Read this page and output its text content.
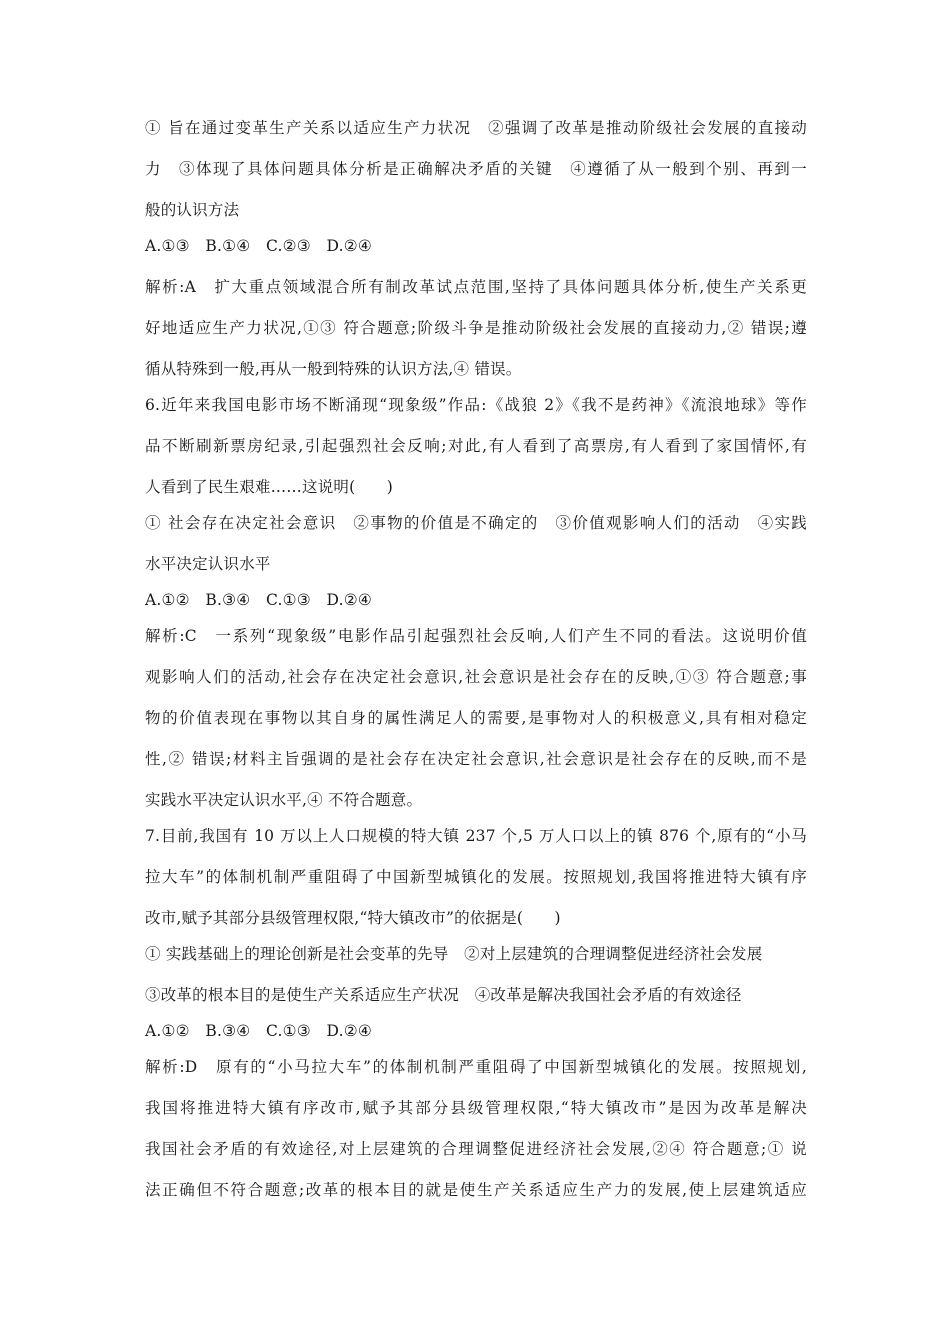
① 旨在通过变革生产关系以适应生产力状况　②强调了改革是推动阶级社会发展的直接动
力　③体现了具体问题具体分析是正确解决矛盾的关键　④遵循了从一般到个别、再到一
般的认识方法
A.①③　B.①④　C.②③　D.②④
解析:A　扩大重点领域混合所有制改革试点范围,坚持了具体问题具体分析,使生产关系更
好地适应生产力状况,①③ 符合题意;阶级斗争是推动阶级社会发展的直接动力,② 错误;遵
循从特殊到一般,再从一般到特殊的认识方法,④ 错误。
6.近年来我国电影市场不断涌现“现象级”作品:《战狼 2》《我不是药神》《流浪地球》等作
品不断刷新票房纪录,引起强烈社会反响;对此,有人看到了高票房,有人看到了家国情怀,有
人看到了民生艰难……这说明(　　)
① 社会存在决定社会意识　②事物的价值是不确定的　③价值观影响人们的活动　④实践
水平决定认识水平
A.①②　B.③④　C.①③　D.②④
解析:C　一系列“现象级”电影作品引起强烈社会反响,人们产生不同的看法。这说明价值
观影响人们的活动,社会存在决定社会意识,社会意识是社会存在的反映,①③ 符合题意;事
物的价值表现在事物以其自身的属性满足人的需要,是事物对人的积极意义,具有相对稳定
性,② 错误;材料主旨强调的是社会存在决定社会意识,社会意识是社会存在的反映,而不是
实践水平决定认识水平,④ 不符合题意。
7.目前,我国有 10 万以上人口规模的特大镇 237 个,5 万人口以上的镇 876 个,原有的“小马
拉大车”的体制机制严重阻碍了中国新型城镇化的发展。按照规划,我国将推进特大镇有序
改市,赋予其部分县级管理权限,“特大镇改市”的依据是(　　)
① 实践基础上的理论创新是社会变革的先导　②对上层建筑的合理调整促进经济社会发展
③改革的根本目的是使生产关系适应生产状况　④改革是解决我国社会矛盾的有效途径
A.①②　B.③④　C.①③　D.②④
解析:D　原有的“小马拉大车”的体制机制严重阻碍了中国新型城镇化的发展。按照规划,
我国将推进特大镇有序改市,赋予其部分县级管理权限,“特大镇改市”是因为改革是解决
我国社会矛盾的有效途径,对上层建筑的合理调整促进经济社会发展,②④ 符合题意;① 说
法正确但不符合题意;改革的根本目的就是使生产关系适应生产力的发展,使上层建筑适应
